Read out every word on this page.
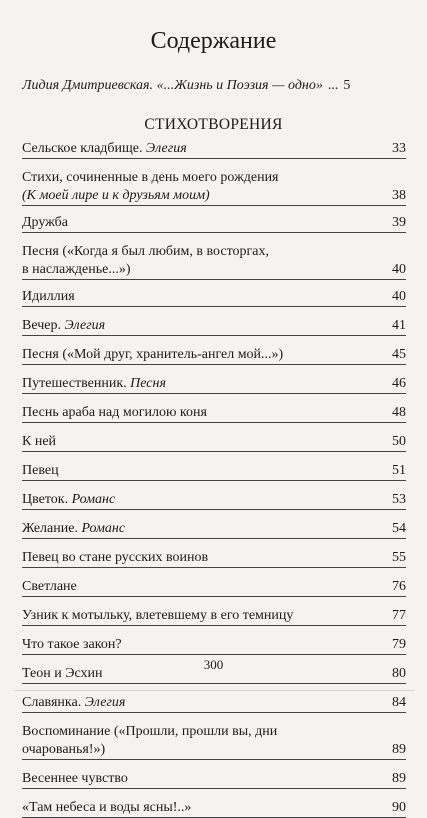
Содержание
Лидия Дмитриевская.
«...Жизнь и Поэзия — одно» ... 5
СТИХОТВОРЕНИЯ
Сельское кладбище. Элегия	33
Стихи, сочиненные в день моего рождения
(К моей лире и к друзьям моим)	38
Дружба	39
Песня («Когда я был любим, в восторгах,
в наслажденье...»)	40
Идиллия	40
Вечер. Элегия	41
Песня («Мой друг, хранитель-ангел мой...»)	45
Путешественник. Песня	46
Песнь араба над могилою коня	48
К ней	50
Певец	51
Цветок. Романс	53
Желание. Романс	54
Певец во стане русских воинов	55
Светлане	76
Узник к мотыльку, влетевшему в его темницу	77
Что такое закон?	79
Теон и Эсхин	80
Славянка. Элегия	84
Воспоминание («Прошли, прошли вы, дни
очарованья!»)	89
Весеннее чувство	89
«Там небеса и воды ясны!..»	90
300
